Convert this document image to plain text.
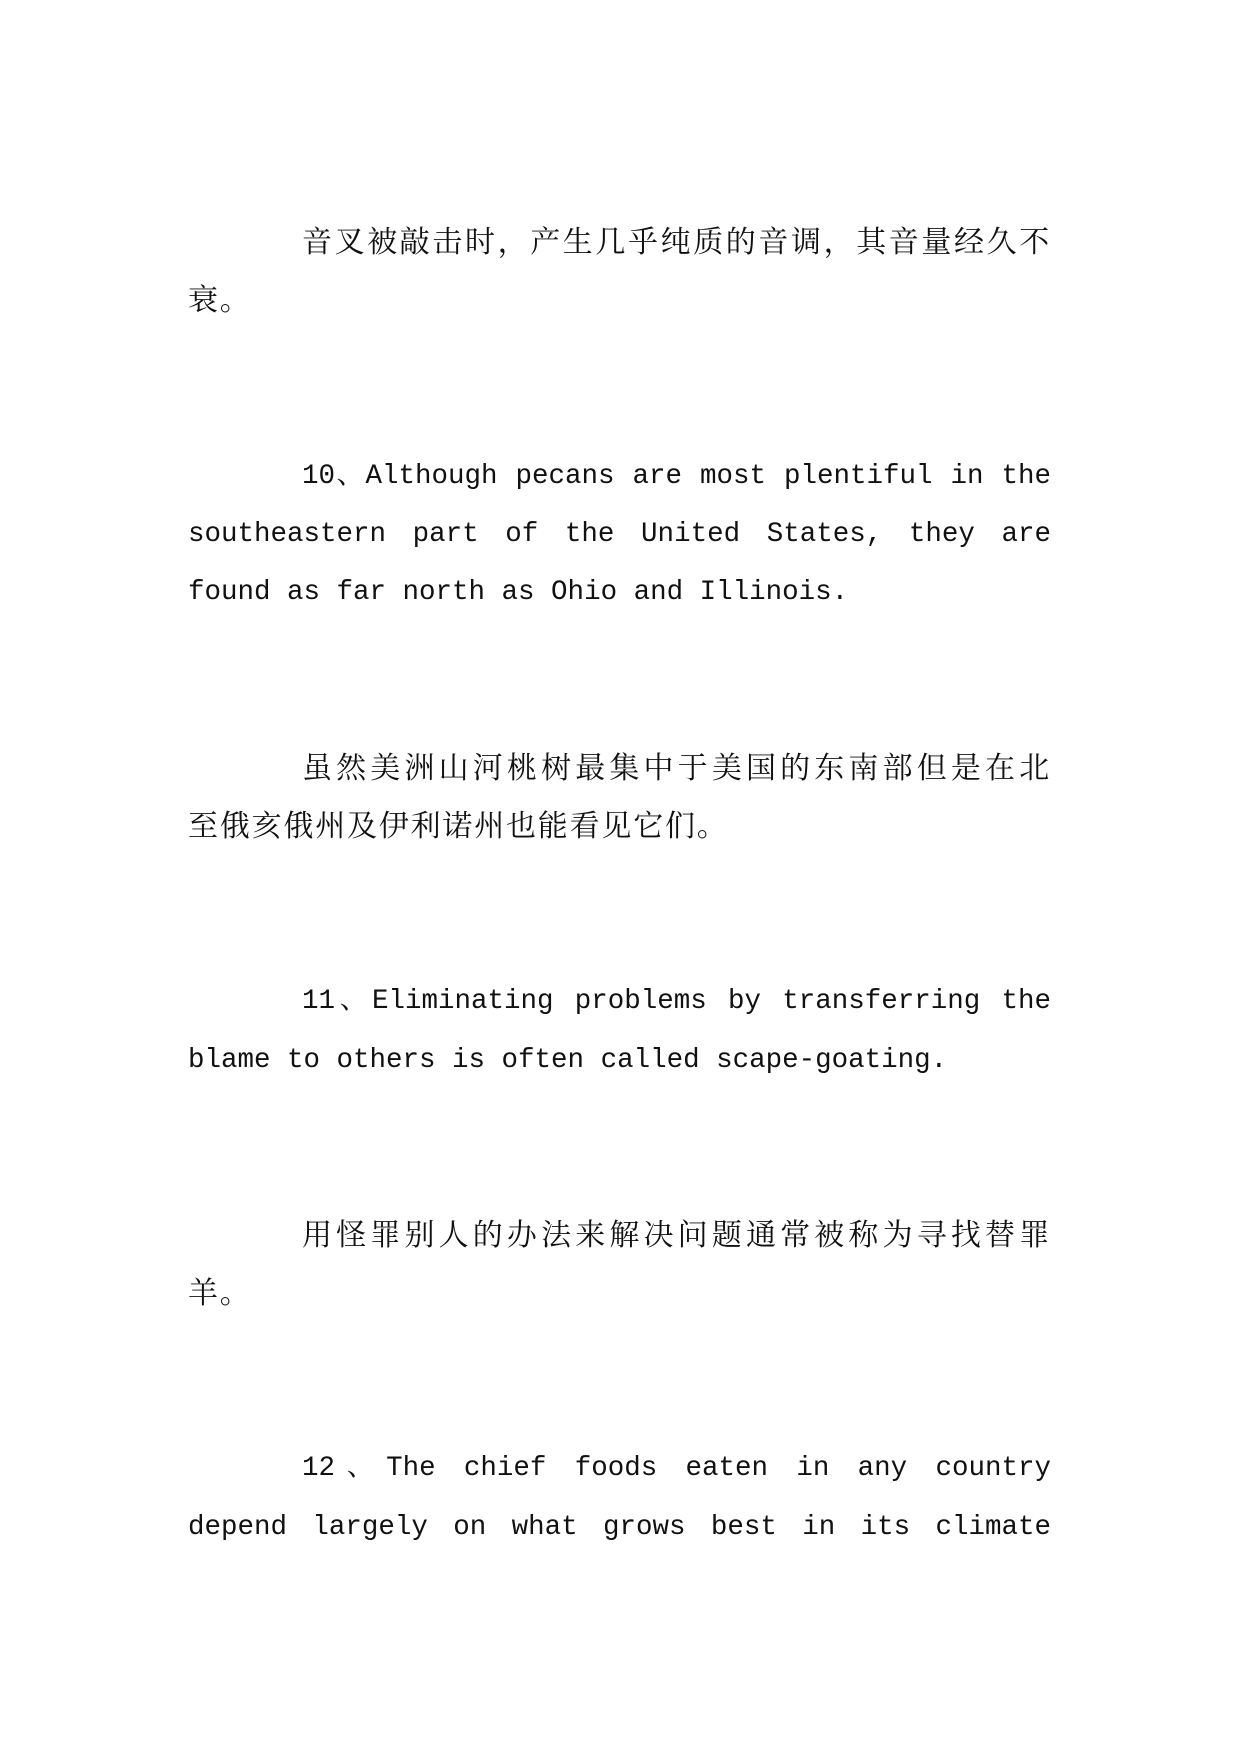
音叉被敲击时，产生几乎纯质的音调，其音量经久不
衰。
10、Although pecans are most plentiful in the
southeastern part of the United States, they are
found as far north as Ohio and Illinois.
虽然美洲山河桃树最集中于美国的东南部但是在北
至俄亥俄州及伊利诺州也能看见它们。
11、Eliminating problems by transferring the
blame to others is often called scape-goating.
用怪罪别人的办法来解决问题通常被称为寻找替罪
羊。
12、The chief foods eaten in any country
depend largely on what grows best in its climate
